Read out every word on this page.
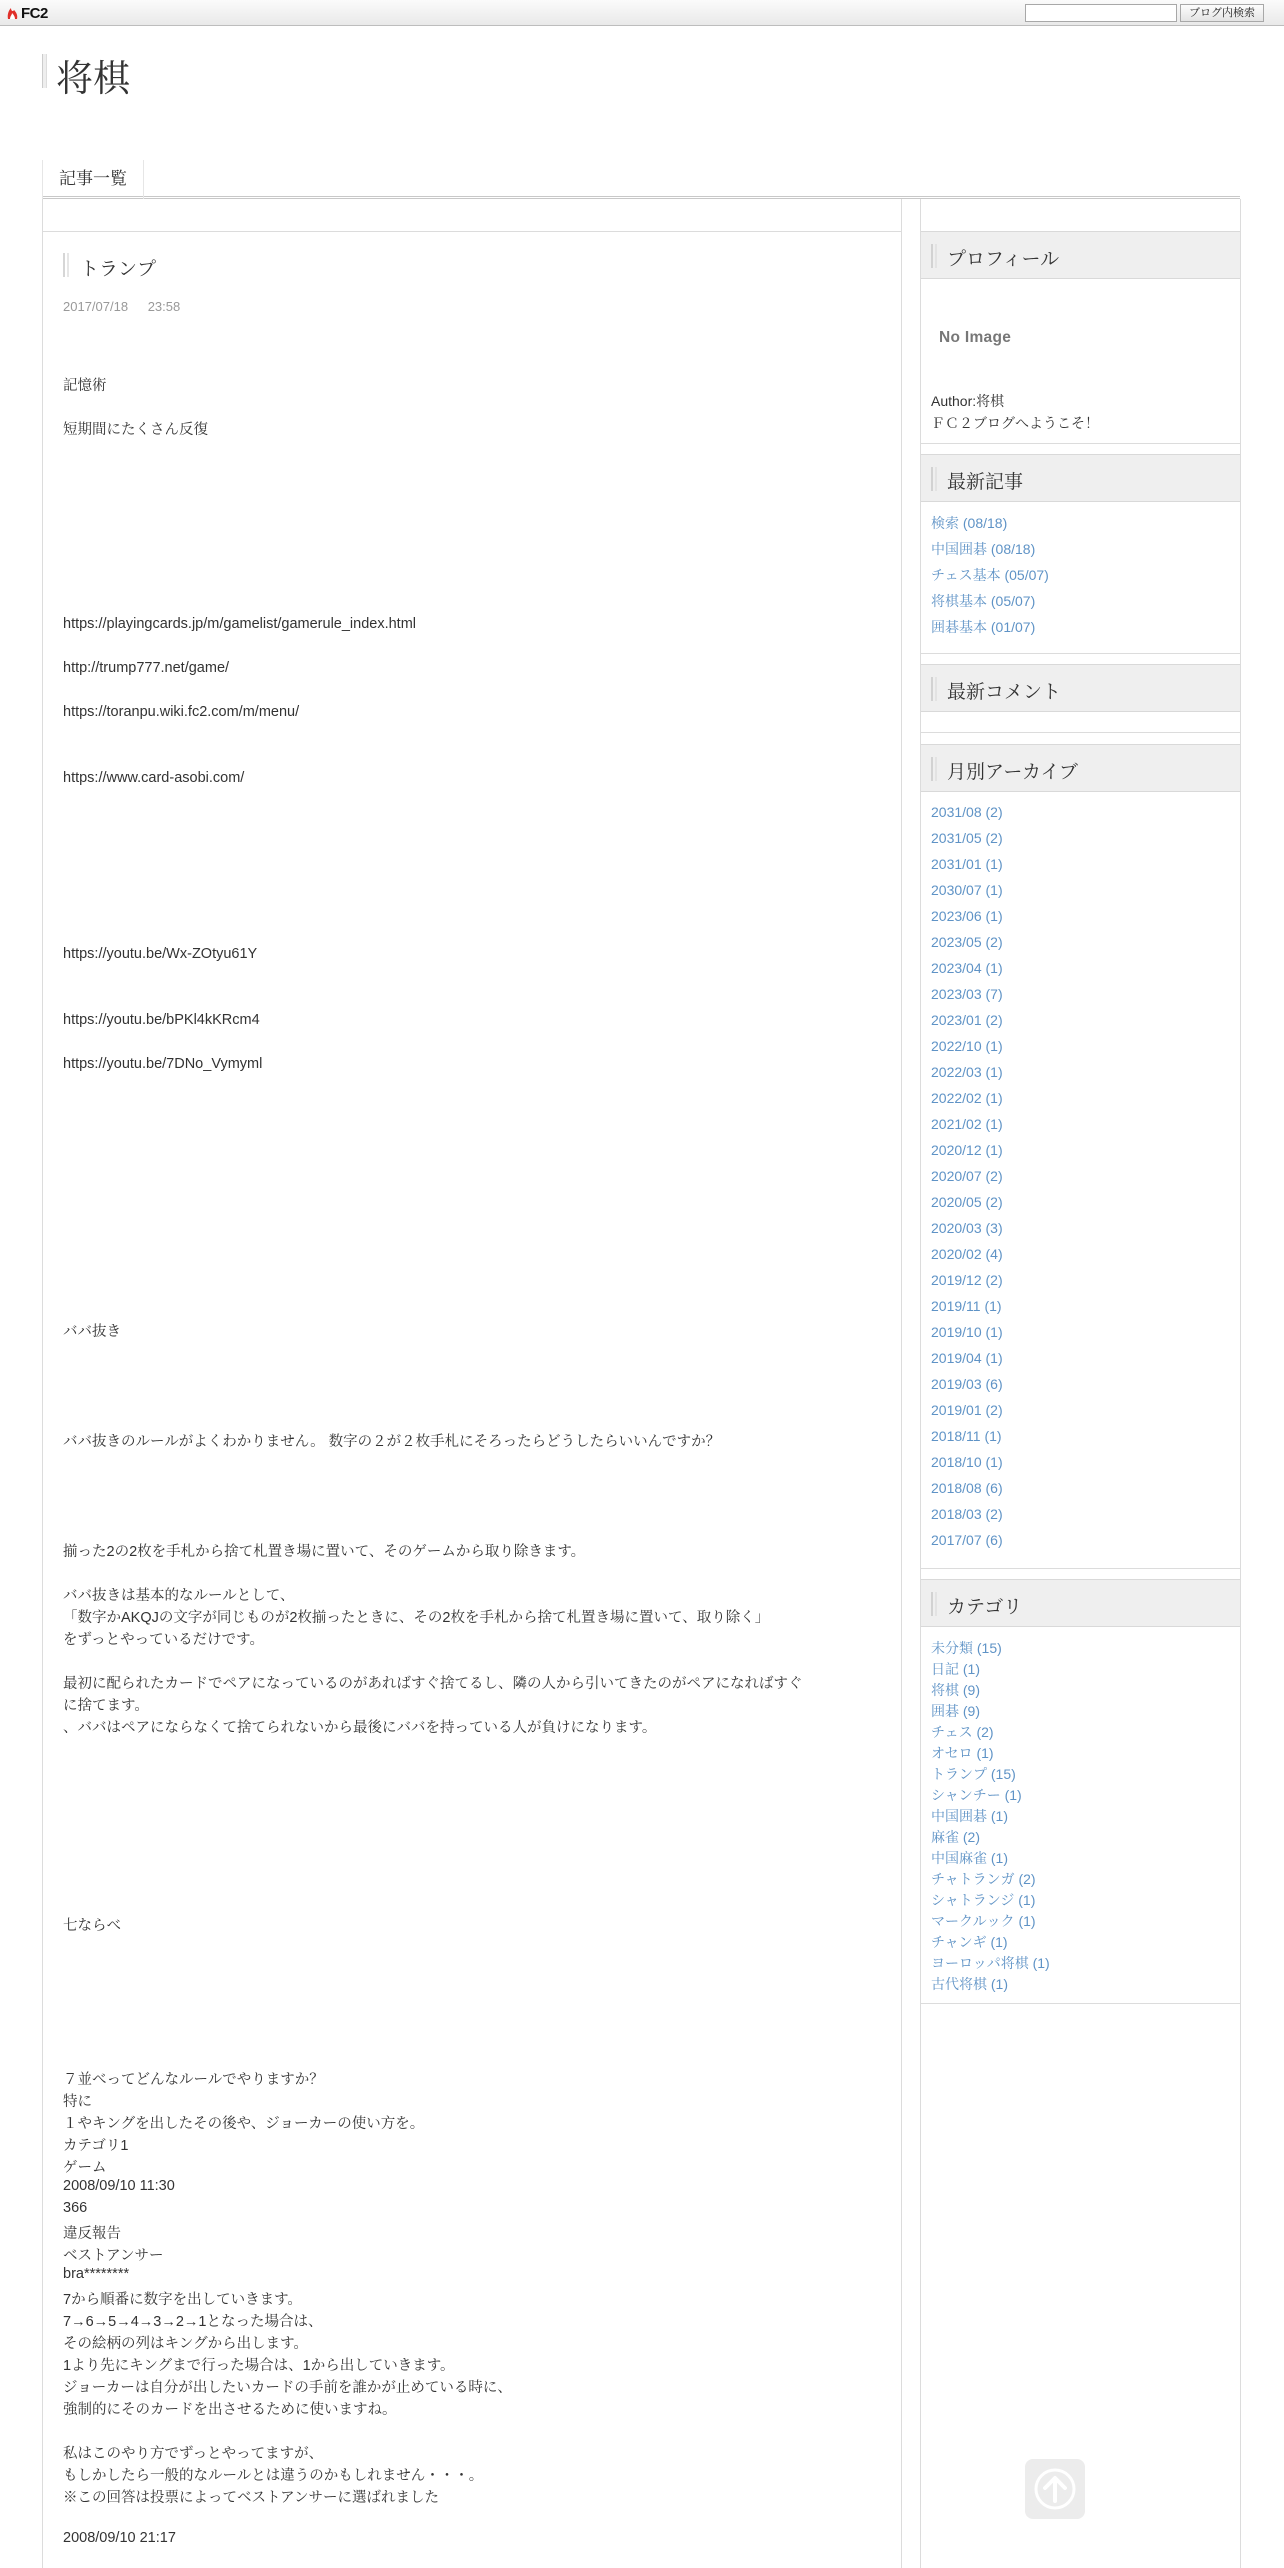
FC2	ブログ内検索
将棋
記事一覧
トランプ
2017/07/18 23:58
記憶術
短期間にたくさん反復
https://playingcards.jp/m/gamelist/gamerule_index.html
http://trump777.net/game/
https://toranpu.wiki.fc2.com/m/menu/
https://www.card-asobi.com/
https://youtu.be/Wx-ZOtyu61Y
https://youtu.be/bPKl4kKRcm4
https://youtu.be/7DNo_Vymyml
ババ抜き
ババ抜きのルールがよくわかりません。 数字の２が２枚手札にそろったらどうしたらいいんですか？
揃った2の2枚を手札から捨て札置き場に置いて、そのゲームから取り除きます。
ババ抜きは基本的なルールとして、
「数字かAKQJの文字が同じものが2枚揃ったときに、その2枚を手札から捨て札置き場に置いて、取り除く」
をずっとやっているだけです。
最初に配られたカードでペアになっているのがあればすぐ捨てるし、隣の人から引いてきたのがペアになればすぐ
に捨てます。
、ババはペアにならなくて捨てられないから最後にババを持っている人が負けになります。
七ならべ
７並べってどんなルールでやりますか？
特に
１やキングを出したその後や、ジョーカーの使い方を。
カテゴリ1
ゲーム
2008/09/10 11:30
366
違反報告
ベストアンサー
bra********
7から順番に数字を出していきます。
7→6→5→4→3→2→1となった場合は、
その絵柄の列はキングから出します。
1より先にキングまで行った場合は、1から出していきます。
ジョーカーは自分が出したいカードの手前を誰かが止めている時に、
強制的にそのカードを出させるために使いますね。
私はこのやり方でずっとやってますが、
もしかしたら一般的なルールとは違うのかもしれません・・・。
※この回答は投票によってベストアンサーに選ばれました
2008/09/10 21:17
プロフィール
No Image
Author:将棋
ＦＣ２ブログへようこそ！
最新記事
検索 (08/18)
中国囲碁 (08/18)
チェス基本 (05/07)
将棋基本 (05/07)
囲碁基本 (01/07)
最新コメント
月別アーカイブ
2031/08 (2)
2031/05 (2)
2031/01 (1)
2030/07 (1)
2023/06 (1)
2023/05 (2)
2023/04 (1)
2023/03 (7)
2023/01 (2)
2022/10 (1)
2022/03 (1)
2022/02 (1)
2021/02 (1)
2020/12 (1)
2020/07 (2)
2020/05 (2)
2020/03 (3)
2020/02 (4)
2019/12 (2)
2019/11 (1)
2019/10 (1)
2019/04 (1)
2019/03 (6)
2019/01 (2)
2018/11 (1)
2018/10 (1)
2018/08 (6)
2018/03 (2)
2017/07 (6)
カテゴリ
未分類 (15)
日記 (1)
将棋 (9)
囲碁 (9)
チェス (2)
オセロ (1)
トランプ (15)
シャンチー (1)
中国囲碁 (1)
麻雀 (2)
中国麻雀 (1)
チャトランガ (2)
シャトランジ (1)
マークルック (1)
チャンギ (1)
ヨーロッパ将棋 (1)
古代将棋 (1)
